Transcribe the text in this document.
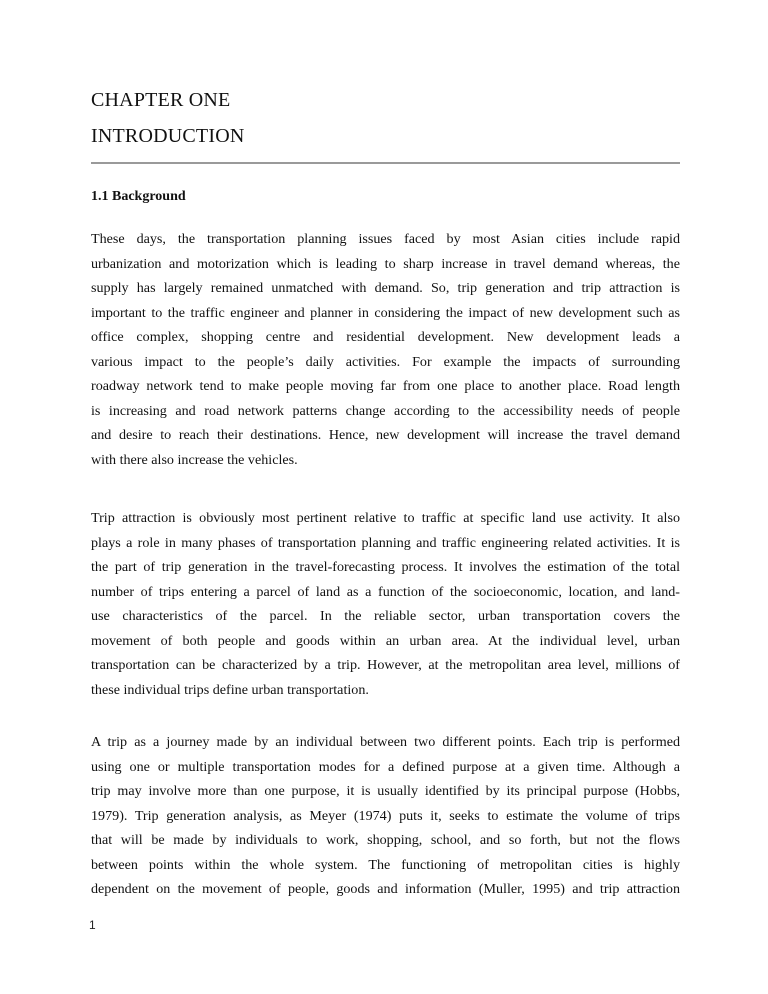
CHAPTER ONE
INTRODUCTION
1.1 Background
These days, the transportation planning issues faced by most Asian cities include rapid
urbanization and motorization which is leading to sharp increase in travel demand whereas, the
supply has largely remained unmatched with demand. So, trip generation and trip attraction is
important to the traffic engineer and planner in considering the impact of new development such as
office complex, shopping centre and residential development. New development leads a
various impact to the people’s daily activities. For example the impacts of surrounding
roadway network tend to make people moving far from one place to another place. Road length
is increasing and road network patterns change according to the accessibility needs of people
and desire to reach their destinations. Hence, new development will increase the travel demand
with there also increase the vehicles.
Trip attraction is obviously most pertinent relative to traffic at specific land use activity. It also
plays a role in many phases of transportation planning and traffic engineering related activities. It is
the part of trip generation in the travel-forecasting process. It involves the estimation of the total
number of trips entering a parcel of land as a function of the socioeconomic, location, and land-
use characteristics of the parcel. In the reliable sector, urban transportation covers the
movement of both people and goods within an urban area. At the individual level, urban
transportation can be characterized by a trip. However, at the metropolitan area level, millions of
these individual trips define urban transportation.
A trip as a journey made by an individual between two different points. Each trip is performed
using one or multiple transportation modes for a defined purpose at a given time. Although a
trip may involve more than one purpose, it is usually identified by its principal purpose (Hobbs,
1979). Trip generation analysis, as Meyer (1974) puts it, seeks to estimate the volume of trips
that will be made by individuals to work, shopping, school, and so forth, but not the flows
between points within the whole system. The functioning of metropolitan cities is highly
dependent on the movement of people, goods and information (Muller, 1995) and trip attraction
1
